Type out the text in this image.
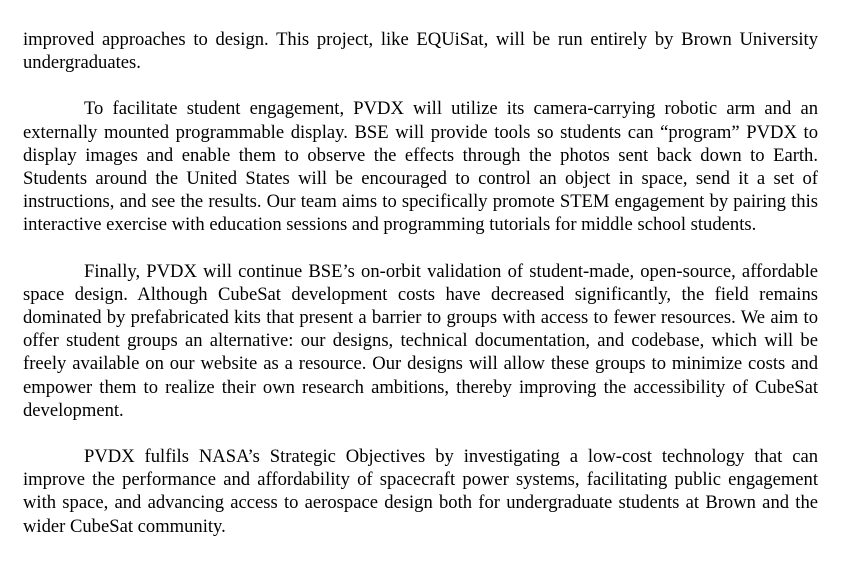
improved approaches to design. This project, like EQUiSat, will be run entirely by Brown University undergraduates.

To facilitate student engagement, PVDX will utilize its camera-carrying robotic arm and an externally mounted programmable display. BSE will provide tools so students can “program” PVDX to display images and enable them to observe the effects through the photos sent back down to Earth. Students around the United States will be encouraged to control an object in space, send it a set of instructions, and see the results. Our team aims to specifically promote STEM engagement by pairing this interactive exercise with education sessions and programming tutorials for middle school students.

Finally, PVDX will continue BSE’s on-orbit validation of student-made, open-source, affordable space design. Although CubeSat development costs have decreased significantly, the field remains dominated by prefabricated kits that present a barrier to groups with access to fewer resources. We aim to offer student groups an alternative: our designs, technical documentation, and codebase, which will be freely available on our website as a resource. Our designs will allow these groups to minimize costs and empower them to realize their own research ambitions, thereby improving the accessibility of CubeSat development.

PVDX fulfils NASA’s Strategic Objectives by investigating a low-cost technology that can improve the performance and affordability of spacecraft power systems, facilitating public engagement with space, and advancing access to aerospace design both for undergraduate students at Brown and the wider CubeSat community.
